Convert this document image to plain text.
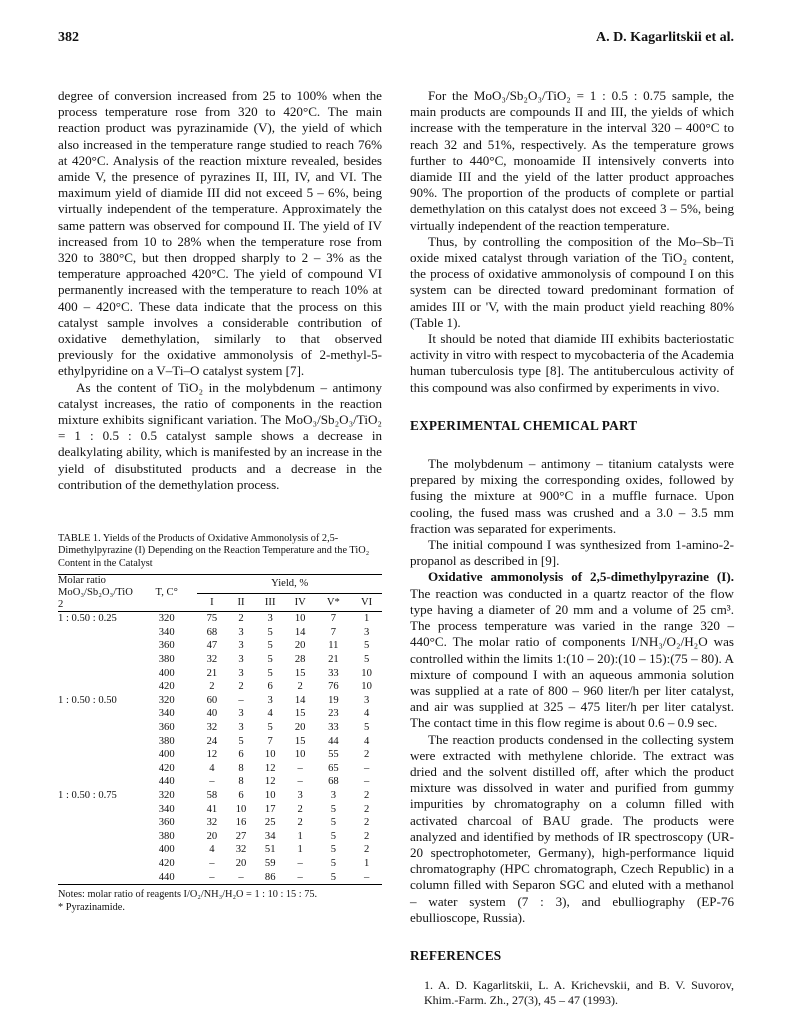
382	A. D. Kagarlitskii et al.

degree of conversion increased from 25 to 100% when the process temperature rose from 320 to 420°C. The main reaction product was pyrazinamide (V), the yield of which also increased in the temperature range studied to reach 76% at 420°C. Analysis of the reaction mixture revealed, besides amide V, the presence of pyrazines II, III, IV, and VI. The maximum yield of diamide III did not exceed 5 – 6%, being virtually independent of the temperature. Approximately the same pattern was observed for compound II. The yield of IV increased from 10 to 28% when the temperature rose from 320 to 380°C, but then dropped sharply to 2 – 3% as the temperature approached 420°C. The yield of compound VI permanently increased with the temperature to reach 10% at 400 – 420°C. These data indicate that the process on this catalyst sample involves a considerable contribution of oxidative demethylation, similarly to that observed previously for the oxidative ammonolysis of 2-methyl-5-ethylpyridine on a V–Ti–O catalyst system [7].

As the content of TiO₂ in the molybdenum – antimony catalyst increases, the ratio of components in the reaction mixture exhibits significant variation. The MoO₃/Sb₂O₃/TiO₂ = 1 : 0.5 : 0.5 catalyst sample shows a decrease in dealkylating ability, which is manifested by an increase in the yield of disubstituted products and a decrease in the contribution of the demethylation process.

TABLE 1. Yields of the Products of Oxidative Ammonolysis of 2,5-Dimethylpyrazine (I) Depending on the Reaction Temperature and the TiO₂ Content in the Catalyst
Molar ratio MoO₃/Sb₂O₃/TiO 2	T, C°	Yield, %					
		I	II	III	IV	V*	VI
1 : 0.50 : 0.25	320	75	2	3	10	7	1
	340	68	3	5	14	7	3
	360	47	3	5	20	11	5
	380	32	3	5	28	21	5
	400	21	3	5	15	33	10
	420	2	2	6	2	76	10
1 : 0.50 : 0.50	320	60	–	3	14	19	3
	340	40	3	4	15	23	4
	360	32	3	5	20	33	5
	380	24	5	7	15	44	4
	400	12	6	10	10	55	2
	420	4	8	12	–	65	–
	440	–	8	12	–	68	–
1 : 0.50 : 0.75	320	58	6	10	3	3	2
	340	41	10	17	2	5	2
	360	32	16	25	2	5	2
	380	20	27	34	1	5	2
	400	4	32	51	1	5	2
	420	–	20	59	–	5	1
	440	–	–	86	–	5	–
Notes: molar ratio of reagents I/O₂/NH₃/H₂O = 1 : 10 : 15 : 75.
* Pyrazinamide.

For the MoO₃/Sb₂O₃/TiO₂ = 1 : 0.5 : 0.75 sample, the main products are compounds II and III, the yields of which increase with the temperature in the interval 320 – 400°C to reach 32 and 51%, respectively. As the temperature grows further to 440°C, monoamide II intensively converts into diamide III and the yield of the latter product approaches 90%. The proportion of the products of complete or partial demethylation on this catalyst does not exceed 3 – 5%, being virtually independent of the reaction temperature.

Thus, by controlling the composition of the Mo–Sb–Ti oxide mixed catalyst through variation of the TiO₂ content, the process of oxidative ammonolysis of compound I on this system can be directed toward predominant formation of amides III or 'V, with the main product yield reaching 80% (Table 1).

It should be noted that diamide III exhibits bacteriostatic activity in vitro with respect to mycobacteria of the Academia human tuberculosis type [8]. The antituberculous activity of this compound was also confirmed by experiments in vivo.

EXPERIMENTAL CHEMICAL PART

The molybdenum – antimony – titanium catalysts were prepared by mixing the corresponding oxides, followed by fusing the mixture at 900°C in a muffle furnace. Upon cooling, the fused mass was crushed and a 3.0 – 3.5 mm fraction was separated for experiments.

The initial compound I was synthesized from 1-amino-2-propanol as described in [9].

Oxidative ammonolysis of 2,5-dimethylpyrazine (I). The reaction was conducted in a quartz reactor of the flow type having a diameter of 20 mm and a volume of 25 cm³. The process temperature was varied in the range 320 – 440°C. The molar ratio of components I/NH₃/O₂/H₂O was controlled within the limits 1:(10 – 20):(10 – 15):(75 – 80). A mixture of compound I with an aqueous ammonia solution was supplied at a rate of 800 – 960 liter/h per liter catalyst, and air was supplied at 325 – 475 liter/h per liter catalyst. The contact time in this flow regime is about 0.6 – 0.9 sec.

The reaction products condensed in the collecting system were extracted with methylene chloride. The extract was dried and the solvent distilled off, after which the product mixture was dissolved in water and purified from gummy impurities by chromatography on a column filled with activated charcoal of BAU grade. The products were analyzed and identified by methods of IR spectroscopy (UR-20 spectrophotometer, Germany), high-performance liquid chromatography (HPC chromatograph, Czech Republic) in a column filled with Separon SGC and eluted with a methanol – water system (7 : 3), and ebulliography (EP-76 ebullioscope, Russia).

REFERENCES

1. A. D. Kagarlitskii, L. A. Krichevskii, and B. V. Suvorov, Khim.-Farm. Zh., 27(3), 45 – 47 (1993).
